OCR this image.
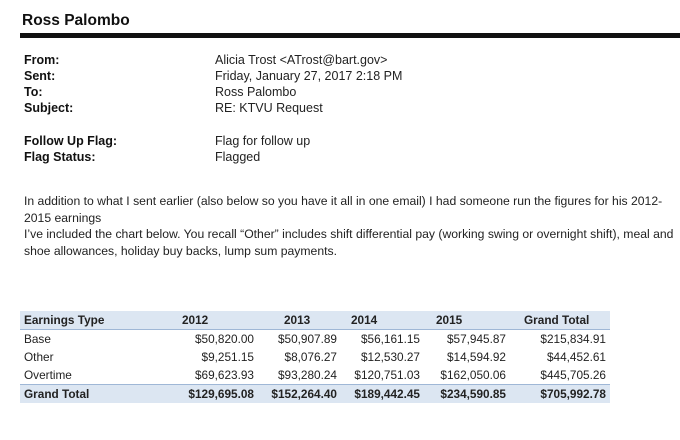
Ross Palombo
From:	Alicia Trost <ATrost@bart.gov>
Sent:	Friday, January 27, 2017 2:18 PM
To:	Ross Palombo
Subject:	RE: KTVU Request
Follow Up Flag:	Flag for follow up
Flag Status:	Flagged

In addition to what I sent earlier (also below so you have it all in one email) I had someone run the figures for his 2012-2015 earnings

I’ve included the chart below. You recall “Other” includes shift differential pay (working swing or overnight shift), meal and shoe allowances, holiday buy backs, lump sum payments.

Earnings Type	2012	2013	2014	2015	Grand Total
Base	$50,820.00	$50,907.89	$56,161.15	$57,945.87	$215,834.91
Other	$9,251.15	$8,076.27	$12,530.27	$14,594.92	$44,452.61
Overtime	$69,623.93	$93,280.24	$120,751.03	$162,050.06	$445,705.26
Grand Total	$129,695.08	$152,264.40	$189,442.45	$234,590.85	$705,992.78
